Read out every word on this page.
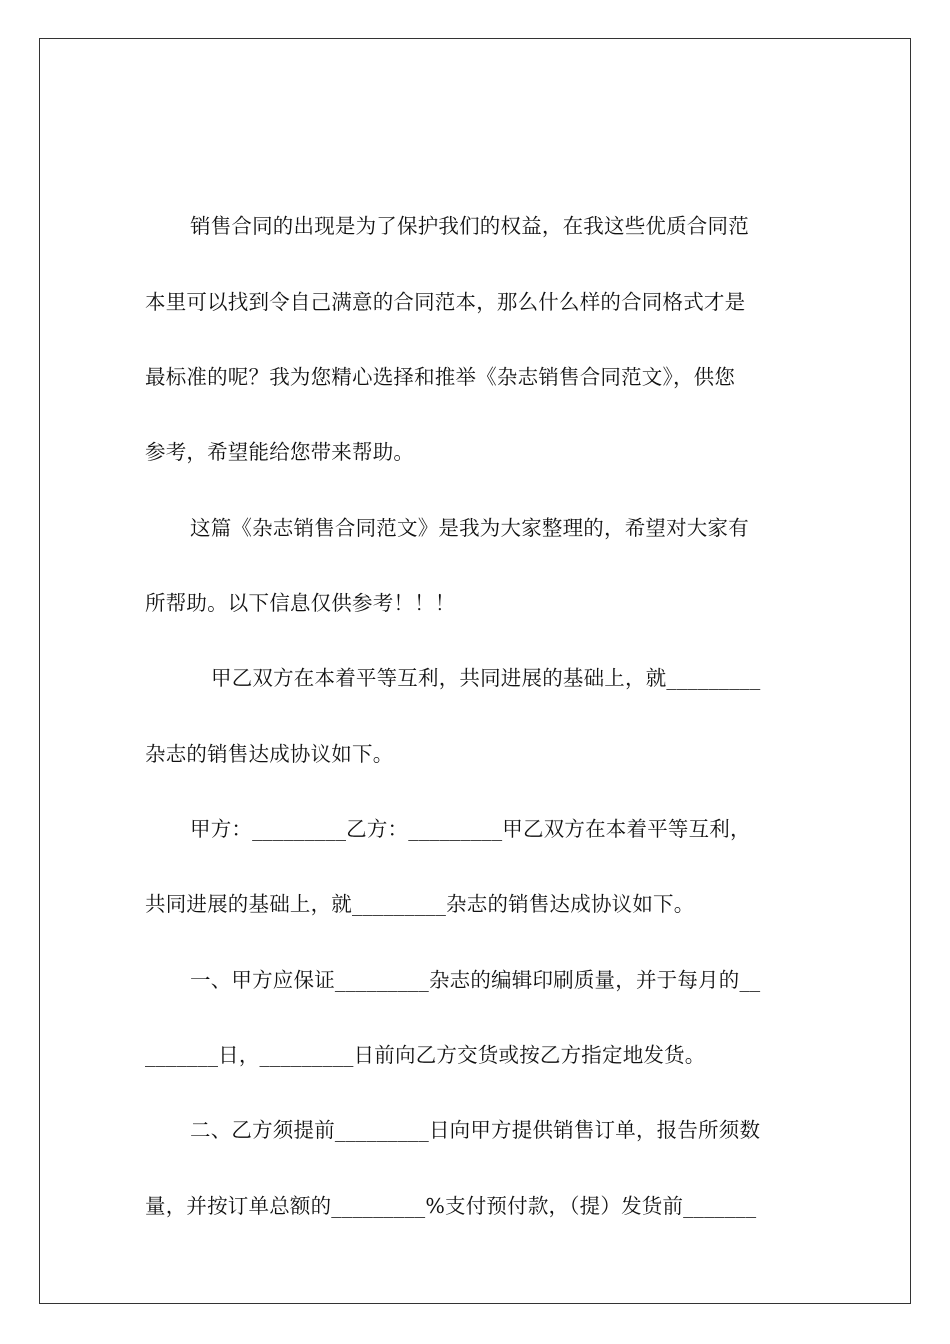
销售合同的出现是为了保护我们的权益，在我这些优质合同范
本里可以找到令自己满意的合同范本，那么什么样的合同格式才是
最标准的呢？我为您精心选择和推举《杂志销售合同范文》，供您
参考，希望能给您带来帮助。
这篇《杂志销售合同范文》是我为大家整理的，希望对大家有
所帮助。以下信息仅供参考！！！
甲乙双方在本着平等互利，共同进展的基础上，就_________
杂志的销售达成协议如下。
甲方：_________乙方：_________甲乙双方在本着平等互利，
共同进展的基础上，就_________杂志的销售达成协议如下。
一、甲方应保证_________杂志的编辑印刷质量，并于每月的__
_______日，_________日前向乙方交货或按乙方指定地发货。
二、乙方须提前_________日向甲方提供销售订单，报告所须数
量，并按订单总额的_________%支付预付款，（提）发货前_______
